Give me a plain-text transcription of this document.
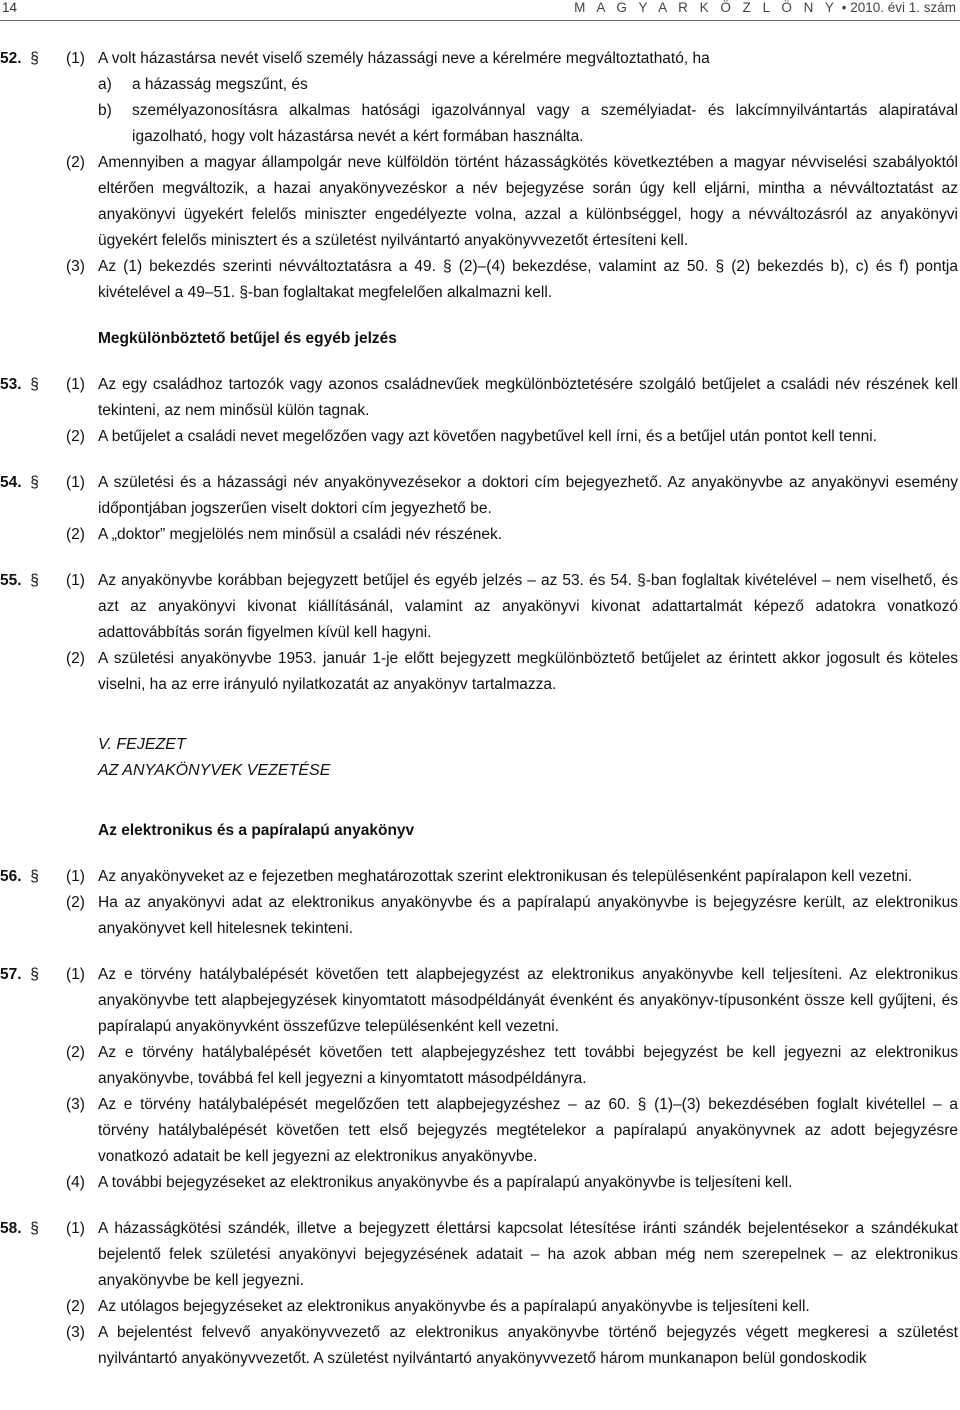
14	M A G Y A R K Ö Z L Ö N Y • 2010. évi 1. szám
52. §	(1) A volt házastársa nevét viselő személy házassági neve a kérelmére megváltoztatható, ha
a) a házasság megszűnt, és
b) személyazonosításra alkalmas hatósági igazolvánnyal vagy a személyiadat- és lakcímnyilvántartás alapiratával igazolható, hogy volt házastársa nevét a kért formában használta.
(2) Amennyiben a magyar állampolgár neve külföldön történt házasságkötés következtében a magyar névviselési szabályoktól eltérően megváltozik, a hazai anyakönyvezéskor a név bejegyzése során úgy kell eljárni, mintha a névváltoztatást az anyakönyvi ügyekért felelős miniszter engedélyezte volna, azzal a különbséggel, hogy a névváltozásról az anyakönyvi ügyekért felelős minisztert és a születést nyilvántartó anyakönyvvezetőt értesíteni kell.
(3) Az (1) bekezdés szerinti névváltoztatásra a 49. § (2)–(4) bekezdése, valamint az 50. § (2) bekezdés b), c) és f) pontja kivételével a 49–51. §-ban foglaltakat megfelelően alkalmazni kell.
Megkülönböztető betűjel és egyéb jelzés
53. §	(1) Az egy családhoz tartozók vagy azonos családnevűek megkülönböztetésére szolgáló betűjelet a családi név részének kell tekinteni, az nem minősül külön tagnak.
(2) A betűjelet a családi nevet megelőzően vagy azt követően nagybetűvel kell írni, és a betűjel után pontot kell tenni.
54. §	(1) A születési és a házassági név anyakönyvezésekor a doktori cím bejegyezhető. Az anyakönyvbe az anyakönyvi esemény időpontjában jogszerűen viselt doktori cím jegyezhető be.
(2) A „doktor” megjelölés nem minősül a családi név részének.
55. §	(1) Az anyakönyvbe korábban bejegyzett betűjel és egyéb jelzés – az 53. és 54. §-ban foglaltak kivételével – nem viselhető, és azt az anyakönyvi kivonat kiállításánál, valamint az anyakönyvi kivonat adattartalmát képező adatokra vonatkozó adattovábbítás során figyelmen kívül kell hagyni.
(2) A születési anyakönyvbe 1953. január 1-je előtt bejegyzett megkülönböztető betűjelet az érintett akkor jogosult és köteles viselni, ha az erre irányuló nyilatkozatát az anyakönyv tartalmazza.
V. FEJEZET
AZ ANYAKÖNYVEK VEZETÉSE
Az elektronikus és a papíralapú anyakönyv
56. §	(1) Az anyakönyveket az e fejezetben meghatározottak szerint elektronikusan és településenként papíralapon kell vezetni.
(2) Ha az anyakönyvi adat az elektronikus anyakönyvbe és a papíralapú anyakönyvbe is bejegyzésre került, az elektronikus anyakönyvet kell hitelesnek tekinteni.
57. §	(1) Az e törvény hatálybalépését követően tett alapbejegyzést az elektronikus anyakönyvbe kell teljesíteni. Az elektronikus anyakönyvbe tett alapbejegyzések kinyomtatott másodpéldányát évenként és anyakönyv-típusonként össze kell gyűjteni, és papíralapú anyakönyvként összefűzve településenként kell vezetni.
(2) Az e törvény hatálybalépését követően tett alapbejegyzéshez tett további bejegyzést be kell jegyezni az elektronikus anyakönyvbe, továbbá fel kell jegyezni a kinyomtatott másodpéldányra.
(3) Az e törvény hatálybalépését megelőzően tett alapbejegyzéshez – az 60. § (1)–(3) bekezdésében foglalt kivétellel – a törvény hatálybalépését követően tett első bejegyzés megtételekor a papíralapú anyakönyvnek az adott bejegyzésre vonatkozó adatait be kell jegyezni az elektronikus anyakönyvbe.
(4) A további bejegyzéseket az elektronikus anyakönyvbe és a papíralapú anyakönyvbe is teljesíteni kell.
58. §	(1) A házasságkötési szándék, illetve a bejegyzett élettársi kapcsolat létesítése iránti szándék bejelentésekor a szándékukat bejelentő felek születési anyakönyvi bejegyzésének adatait – ha azok abban még nem szerepelnek – az elektronikus anyakönyvbe be kell jegyezni.
(2) Az utólagos bejegyzéseket az elektronikus anyakönyvbe és a papíralapú anyakönyvbe is teljesíteni kell.
(3) A bejelentést felvevő anyakönyvvezető az elektronikus anyakönyvbe történő bejegyzés végett megkeresi a születést nyilvántartó anyakönyvvezetőt. A születést nyilvántartó anyakönyvvezető három munkanapon belül gondoskodik
